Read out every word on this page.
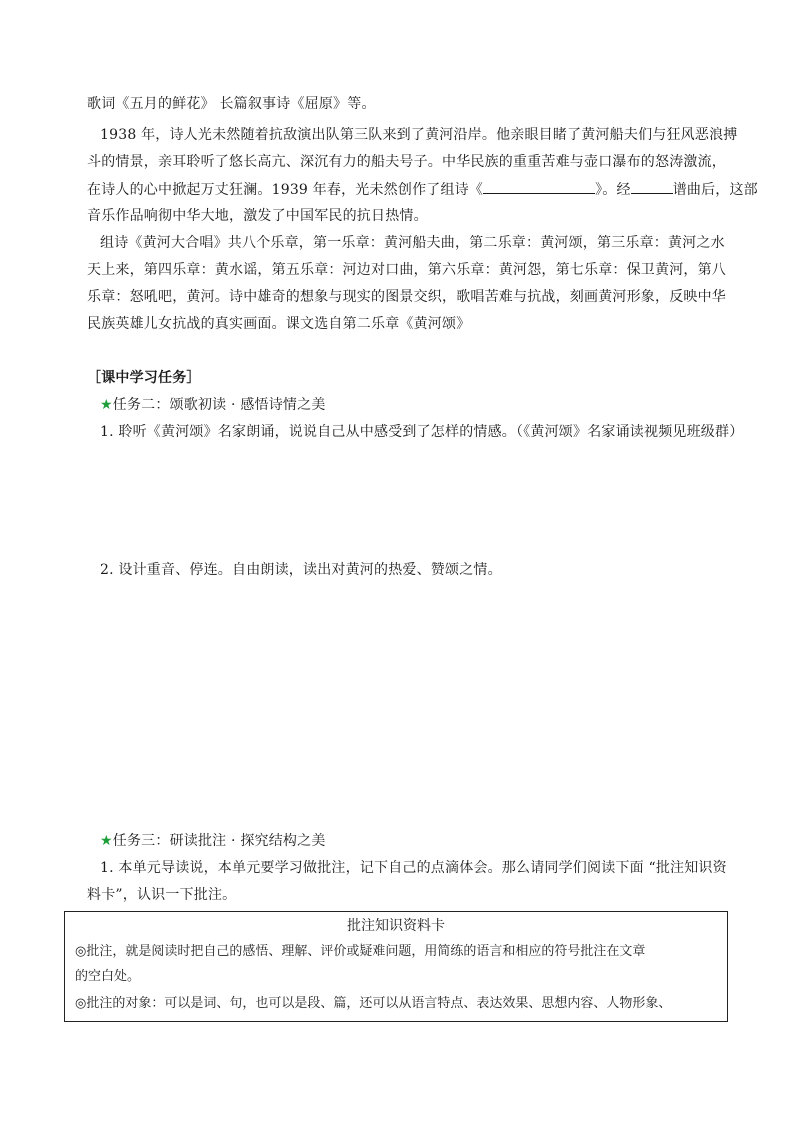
歌词《五月的鲜花》 长篇叙事诗《屈原》等。
1938 年，诗人光未然随着抗敌演出队第三队来到了黄河沿岸。他亲眼目睹了黄河船夫们与狂风恶浪搏
斗的情景，亲耳聆听了悠长高亢、深沉有力的船夫号子。中华民族的重重苦难与壶口瀑布的怒涛激流，
在诗人的心中掀起万丈狂澜。1939 年春，光未然创作了组诗《	》。经	谱曲后，这部
音乐作品响彻中华大地，激发了中国军民的抗日热情。
组诗《黄河大合唱》共八个乐章，第一乐章：黄河船夫曲，第二乐章：黄河颂，第三乐章：黄河之水
天上来，第四乐章：黄水谣，第五乐章：河边对口曲，第六乐章：黄河怨，第七乐章：保卫黄河，第八
乐章：怒吼吧，黄河。诗中雄奇的想象与现实的图景交织，歌唱苦难与抗战，刻画黄河形象，反映中华
民族英雄儿女抗战的真实画面。课文选自第二乐章《黄河颂》
［课中学习任务］
★任务二：颂歌初读 · 感悟诗情之美
1. 聆听《黄河颂》名家朗诵，说说自己从中感受到了怎样的情感。（《黄河颂》名家诵读视频见班级群）
2. 设计重音、停连。自由朗读，读出对黄河的热爱、赞颂之情。
★任务三：研读批注 · 探究结构之美
1. 本单元导读说，本单元要学习做批注，记下自己的点滴体会。那么请同学们阅读下面 “批注知识资
料卡”，认识一下批注。
批注知识资料卡
◎批注，就是阅读时把自己的感悟、理解、评价或疑难问题，用简练的语言和相应的符号批注在文章
的空白处。
◎批注的对象：可以是词、句，也可以是段、篇，还可以从语言特点、表达效果、思想内容、人物形象、
